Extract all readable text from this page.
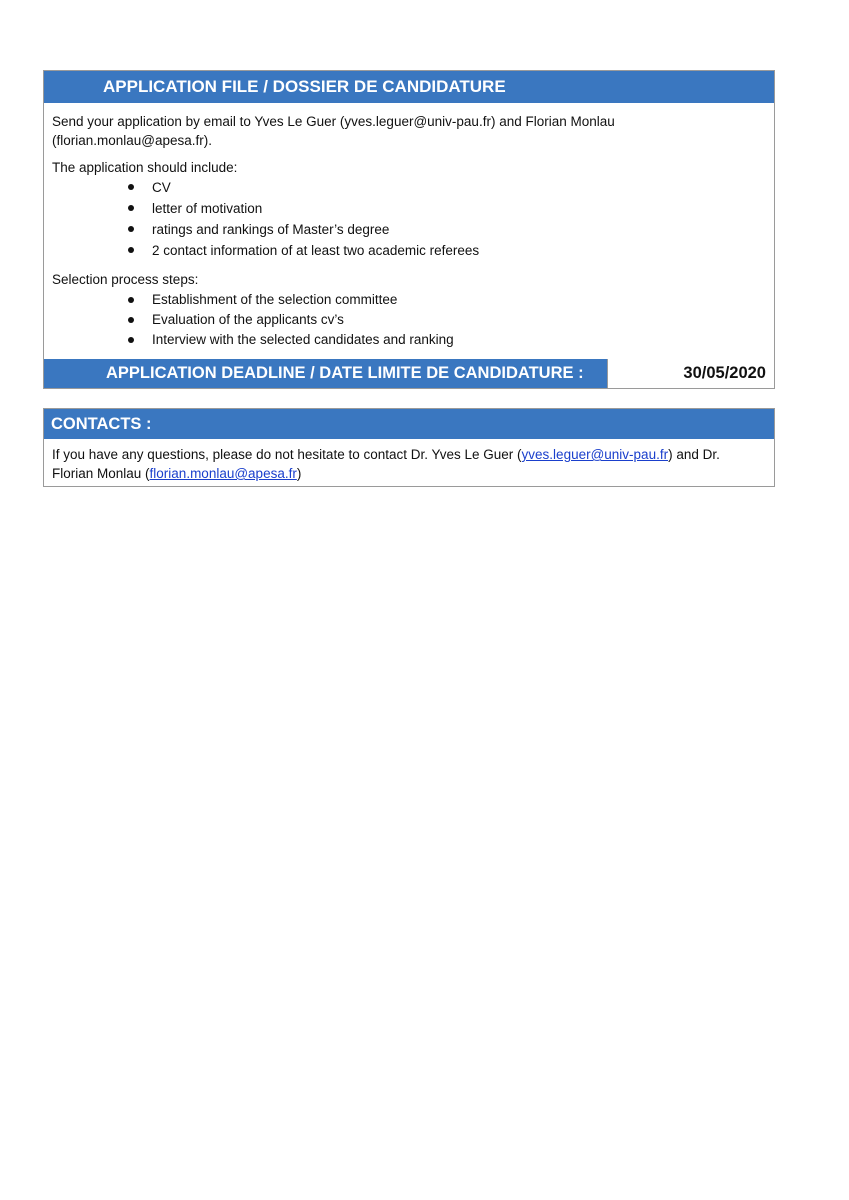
APPLICATION FILE / DOSSIER DE CANDIDATURE
Send your application by email to Yves Le Guer (yves.leguer@univ-pau.fr) and Florian Monlau
(florian.monlau@apesa.fr).
The application should include:
CV
letter of motivation
ratings and rankings of Master’s degree
2 contact information of at least two academic referees
Selection process steps:
Establishment of the selection committee
Evaluation of the applicants cv’s
Interview with the selected candidates and ranking
APPLICATION DEADLINE / DATE LIMITE DE CANDIDATURE :	30/05/2020
CONTACTS :
If you have any questions, please do not hesitate to contact Dr. Yves Le Guer (yves.leguer@univ-pau.fr) and Dr.
Florian Monlau (florian.monlau@apesa.fr)
